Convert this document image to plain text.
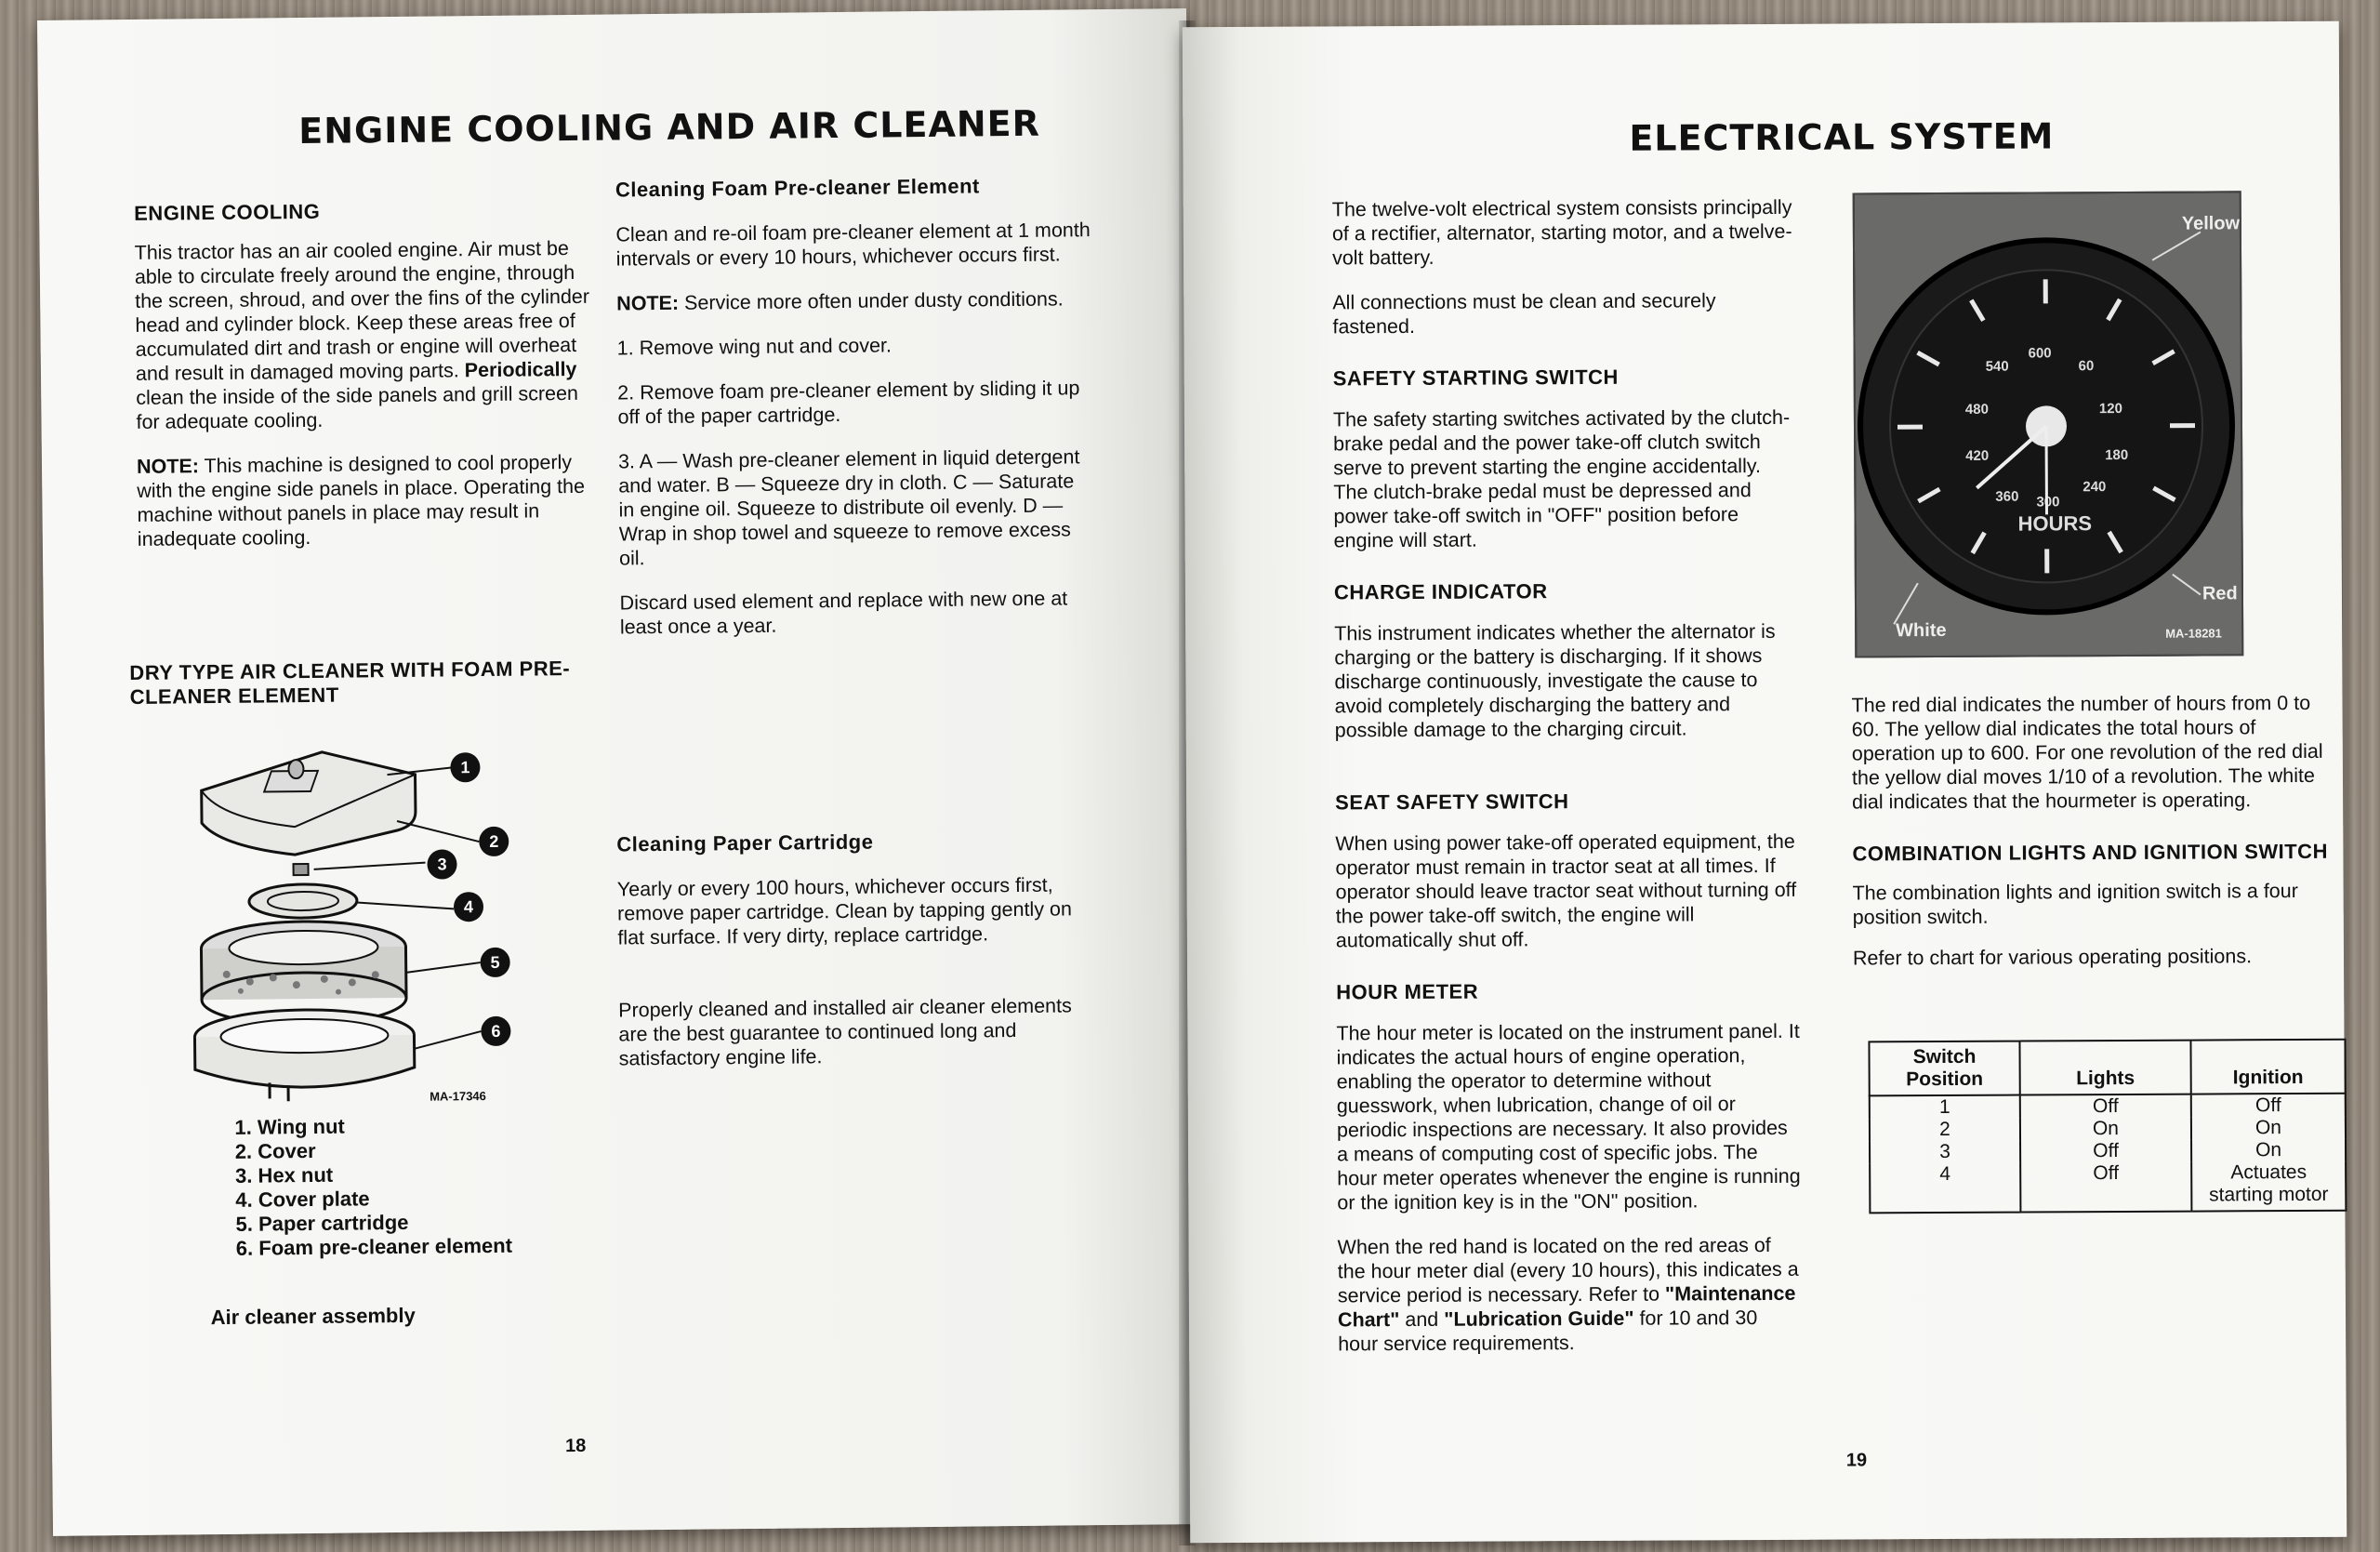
ENGINE COOLING AND AIR CLEANER
ENGINE COOLING

This tractor has an air cooled engine. Air must be able to circulate freely around the engine, through the screen, shroud, and over the fins of the cylinder head and cylinder block. Keep these areas free of accumulated dirt and trash or engine will overheat and result in damaged moving parts. Periodically clean the inside of the side panels and grill screen for adequate cooling.

NOTE: This machine is designed to cool properly with the engine side panels in place. Operating the machine without panels in place may result in inadequate cooling.

DRY TYPE AIR CLEANER WITH FOAM PRE-CLEANER ELEMENT
1
2
3
4
5
6
MA-17346
1. Wing nut
2. Cover
3. Hex nut
4. Cover plate
5. Paper cartridge
6. Foam pre-cleaner element
Air cleaner assembly
Cleaning Foam Pre-cleaner Element

Clean and re-oil foam pre-cleaner element at 1 month intervals or every 10 hours, whichever occurs first.

NOTE: Service more often under dusty conditions.

1. Remove wing nut and cover.

2. Remove foam pre-cleaner element by sliding it up off of the paper cartridge.

3. A — Wash pre-cleaner element in liquid detergent and water. B — Squeeze dry in cloth. C — Saturate in engine oil. Squeeze to distribute oil evenly. D — Wrap in shop towel and squeeze to remove excess oil.

Discard used element and replace with new one at least once a year.

Cleaning Paper Cartridge

Yearly or every 100 hours, whichever occurs first, remove paper cartridge. Clean by tapping gently on flat surface. If very dirty, replace cartridge.

Properly cleaned and installed air cleaner elements are the best guarantee to continued long and satisfactory engine life.

18
ELECTRICAL SYSTEM

The twelve-volt electrical system consists principally of a rectifier, alternator, starting motor, and a twelve-volt battery.

All connections must be clean and securely fastened.

SAFETY STARTING SWITCH

The safety starting switches activated by the clutch-brake pedal and the power take-off clutch switch serve to prevent starting the engine accidentally. The clutch-brake pedal must be depressed and power take-off switch in "OFF" position before engine will start.

CHARGE INDICATOR

This instrument indicates whether the alternator is charging or the battery is discharging. If it shows discharge continuously, investigate the cause to avoid completely discharging the battery and possible damage to the charging circuit.

SEAT SAFETY SWITCH

When using power take-off operated equipment, the operator must remain in tractor seat at all times. If operator should leave tractor seat without turning off the power take-off switch, the engine will automatically shut off.

HOUR METER

The hour meter is located on the instrument panel. It indicates the actual hours of engine operation, enabling the operator to determine without guesswork, when lubrication, change of oil or periodic inspections are necessary. It also provides a means of computing cost of specific jobs. The hour meter operates whenever the engine is running or the ignition key is in the "ON" position.

When the red hand is located on the red areas of the hour meter dial (every 10 hours), this indicates a service period is necessary. Refer to "Maintenance Chart" and "Lubrication Guide" for 10 and 30 hour service requirements.

600
540	60
480	120
420	180
360
240
300
HOURS
Yellow
Red
White	MA-18281

The red dial indicates the number of hours from 0 to 60. The yellow dial indicates the total hours of operation up to 600. For one revolution of the red dial the yellow dial moves 1/10 of a revolution. The white dial indicates that the hourmeter is operating.

COMBINATION LIGHTS AND IGNITION SWITCH

The combination lights and ignition switch is a four position switch.

Refer to chart for various operating positions.

Switch Position	Lights	Ignition
1	Off	Off
2	On	On
3	Off	On
4	Off	Actuates starting motor
19
